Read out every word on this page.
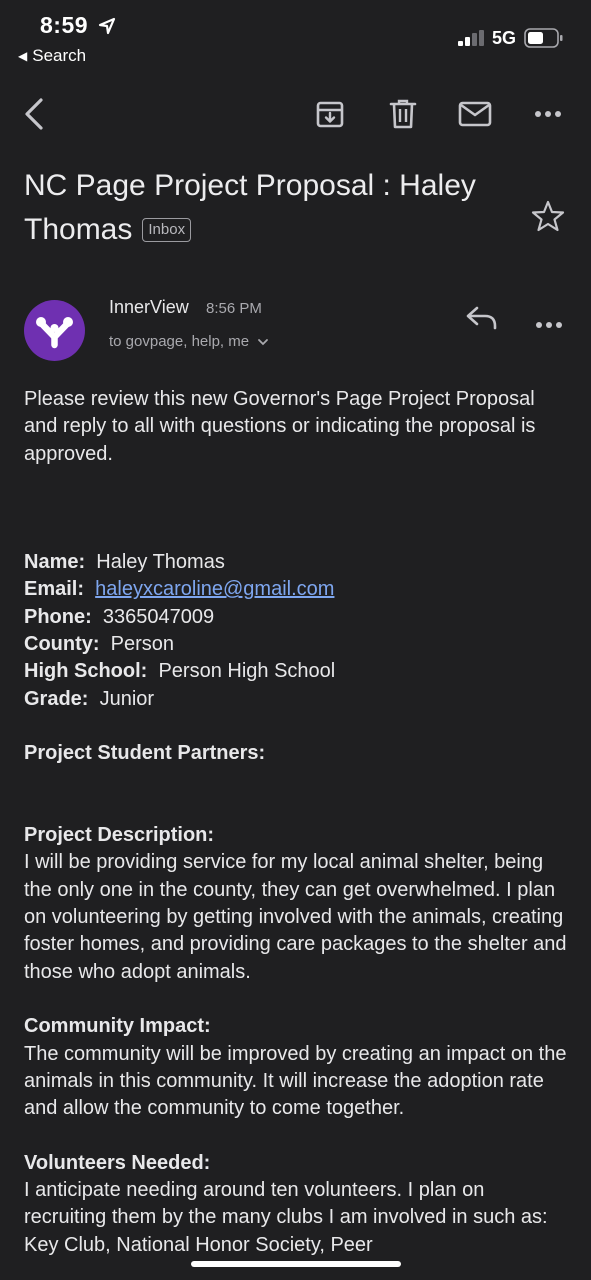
8:59
◀ Search
5G
NC Page Project Proposal : Haley Thomas Inbox
InnerView 8:56 PM
to govpage, help, me

Please review this new Governor's Page Project Proposal and reply to all with questions or indicating the proposal is approved.

Name: Haley Thomas
Email: haleyxcaroline@gmail.com
Phone: 3365047009
County: Person
High School: Person High School
Grade: Junior
Project Student Partners:
Project Description:

I will be providing service for my local animal shelter, being the only one in the county, they can get overwhelmed. I plan on volunteering by getting involved with the animals, creating foster homes, and providing care packages to the shelter and those who adopt animals.

Community Impact:

The community will be improved by creating an impact on the animals in this community. It will increase the adoption rate and allow the community to come together.

Volunteers Needed:

I anticipate needing around ten volunteers. I plan on recruiting them by the many clubs I am involved in such as: Key Club, National Honor Society, Peer
